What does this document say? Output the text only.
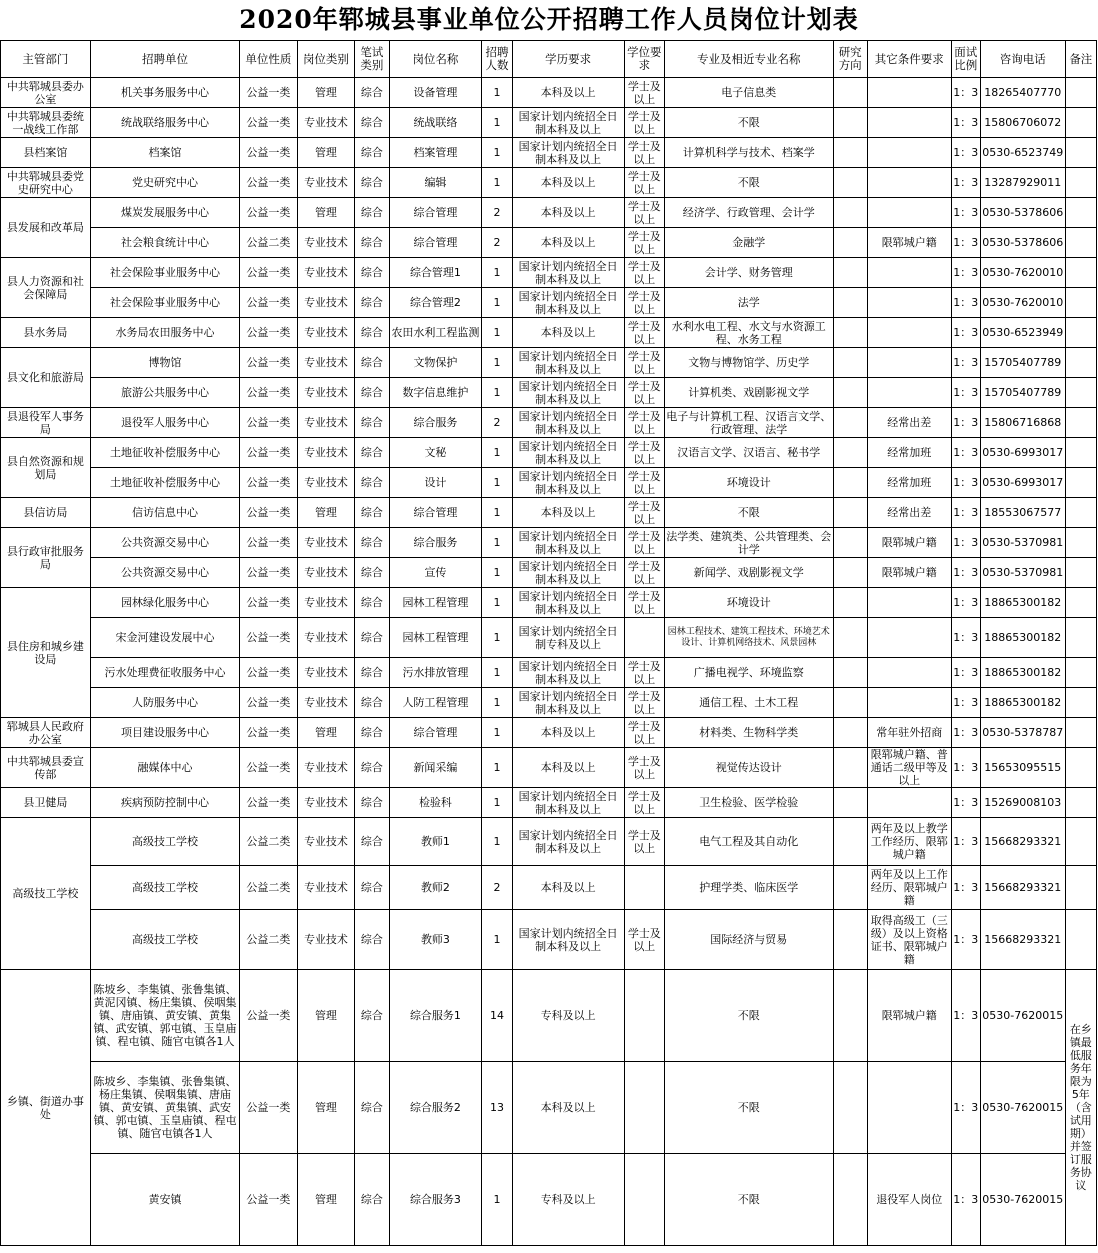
2020年郓城县事业单位公开招聘工作人员岗位计划表
主管部门	招聘单位	单位性质	岗位类别	笔试类别	岗位名称	招聘人数	学历要求	学位要求	专业及相近专业名称	研究方向	其它条件要求	面试比例	咨询电话	备注
中共郓城县委办公室	机关事务服务中心	公益一类	管理	综合	设备管理	1	本科及以上	学士及以上	电子信息类			1：3	18265407770	
中共郓城县委统一战线工作部	统战联络服务中心	公益一类	专业技术	综合	统战联络	1	国家计划内统招全日制本科及以上	学士及以上	不限			1：3	15806706072	
县档案馆	档案馆	公益一类	管理	综合	档案管理	1	国家计划内统招全日制本科及以上	学士及以上	计算机科学与技术、档案学			1：3	0530-6523749	
中共郓城县委党史研究中心	党史研究中心	公益一类	专业技术	综合	编辑	1	本科及以上	学士及以上	不限			1：3	13287929011	
县发展和改革局	煤炭发展服务中心	公益一类	管理	综合	综合管理	2	本科及以上	学士及以上	经济学、行政管理、会计学			1：3	0530-5378606	
	社会粮食统计中心	公益二类	专业技术	综合	综合管理	2	本科及以上	学士及以上	金融学		限郓城户籍	1：3	0530-5378606	
县人力资源和社会保障局	社会保险事业服务中心	公益一类	专业技术	综合	综合管理1	1	国家计划内统招全日制本科及以上	学士及以上	会计学、财务管理			1：3	0530-7620010	
	社会保险事业服务中心	公益一类	专业技术	综合	综合管理2	1	国家计划内统招全日制本科及以上	学士及以上	法学			1：3	0530-7620010	
县水务局	水务局农田服务中心	公益一类	专业技术	综合	农田水利工程监测	1	本科及以上	学士及以上	水利水电工程、水文与水资源工程、水务工程			1：3	0530-6523949	
县文化和旅游局	博物馆	公益一类	专业技术	综合	文物保护	1	国家计划内统招全日制本科及以上	学士及以上	文物与博物馆学、历史学			1：3	15705407789	
	旅游公共服务中心	公益一类	专业技术	综合	数字信息维护	1	国家计划内统招全日制本科及以上	学士及以上	计算机类、戏剧影视文学			1：3	15705407789	
县退役军人事务局	退役军人服务中心	公益一类	专业技术	综合	综合服务	2	国家计划内统招全日制本科及以上	学士及以上	电子与计算机工程、汉语言文学、行政管理、法学		经常出差	1：3	15806716868	
县自然资源和规划局	土地征收补偿服务中心	公益一类	专业技术	综合	文秘	1	国家计划内统招全日制本科及以上	学士及以上	汉语言文学、汉语言、秘书学		经常加班	1：3	0530-6993017	
	土地征收补偿服务中心	公益一类	专业技术	综合	设计	1	国家计划内统招全日制本科及以上	学士及以上	环境设计		经常加班	1：3	0530-6993017	
县信访局	信访信息中心	公益一类	管理	综合	综合管理	1	本科及以上	学士及以上	不限		经常出差	1：3	18553067577	
县行政审批服务局	公共资源交易中心	公益一类	专业技术	综合	综合服务	1	国家计划内统招全日制本科及以上	学士及以上	法学类、建筑类、公共管理类、会计学		限郓城户籍	1：3	0530-5370981	
	公共资源交易中心	公益一类	专业技术	综合	宣传	1	国家计划内统招全日制本科及以上	学士及以上	新闻学、戏剧影视文学		限郓城户籍	1：3	0530-5370981	
县住房和城乡建设局	园林绿化服务中心	公益一类	专业技术	综合	园林工程管理	1	国家计划内统招全日制本科及以上	学士及以上	环境设计			1：3	18865300182	
	宋金河建设发展中心	公益一类	专业技术	综合	园林工程管理	1	国家计划内统招全日制专科及以上		园林工程技术、建筑工程技术、环境艺术设计、计算机网络技术、风景园林			1：3	18865300182	
	污水处理费征收服务中心	公益一类	专业技术	综合	污水排放管理	1	国家计划内统招全日制本科及以上	学士及以上	广播电视学、环境监察			1：3	18865300182	
	人防服务中心	公益一类	专业技术	综合	人防工程管理	1	国家计划内统招全日制本科及以上	学士及以上	通信工程、土木工程			1：3	18865300182	
郓城县人民政府办公室	项目建设服务中心	公益一类	管理	综合	综合管理	1	本科及以上	学士及以上	材料类、生物科学类		常年驻外招商	1：3	0530-5378787	
中共郓城县委宣传部	融媒体中心	公益一类	专业技术	综合	新闻采编	1	本科及以上	学士及以上	视觉传达设计		限郓城户籍、普通话二级甲等及以上	1：3	15653095515	
县卫健局	疾病预防控制中心	公益一类	专业技术	综合	检验科	1	国家计划内统招全日制本科及以上	学士及以上	卫生检验、医学检验			1：3	15269008103	
高级技工学校	高级技工学校	公益二类	专业技术	综合	教师1	1	国家计划内统招全日制本科及以上	学士及以上	电气工程及其自动化		两年及以上教学工作经历、限郓城户籍	1：3	15668293321	
	高级技工学校	公益二类	专业技术	综合	教师2	2	本科及以上		护理学类、临床医学		两年及以上工作经历、限郓城户籍	1：3	15668293321	
	高级技工学校	公益二类	专业技术	综合	教师3	1	国家计划内统招全日制本科及以上	学士及以上	国际经济与贸易		取得高级工（三级）及以上资格证书、限郓城户籍	1：3	15668293321	
乡镇、街道办事处	陈坡乡、李集镇、张鲁集镇、黄泥冈镇、杨庄集镇、侯咽集镇、唐庙镇、黄安镇、黄集镇、武安镇、郭屯镇、玉皇庙镇、程屯镇、随官屯镇各1人	公益一类	管理	综合	综合服务1	14	专科及以上		不限		限郓城户籍	1：3	0530-7620015	在乡镇最低服务年限为5年（含试用期）并签订服务协议
	陈坡乡、李集镇、张鲁集镇、杨庄集镇、侯咽集镇、唐庙镇、黄安镇、黄集镇、武安镇、郭屯镇、玉皇庙镇、程屯镇、随官屯镇各1人	公益一类	管理	综合	综合服务2	13	本科及以上		不限			1：3	0530-7620015	
	黄安镇	公益一类	管理	综合	综合服务3	1	专科及以上		不限		退役军人岗位	1：3	0530-7620015	
